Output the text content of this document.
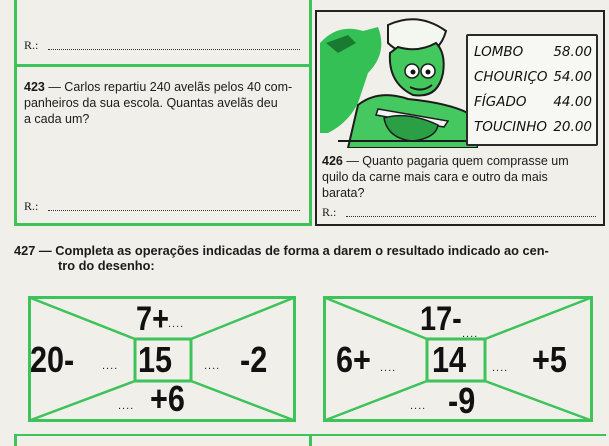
R.:
423 — Carlos repartiu 240 avelãs pelos 40 com-
panheiros da sua escola. Quantas avelãs deu
a cada um?
R.:
LOMBO 58.00
CHOURIÇO 54.00
FÍGADO 44.00
TOUCINHO 20.00
426 — Quanto pagaria quem comprasse um
quilo da carne mais cara e outro da mais
barata?
R.:
427 — Completa as operações indicadas de forma a darem o resultado indicado ao cen-
tro do desenho:
15
7+ ....
20-	....	.... -2
.... +6
14
17- ....
6+ ....	.... +5
.... -9
